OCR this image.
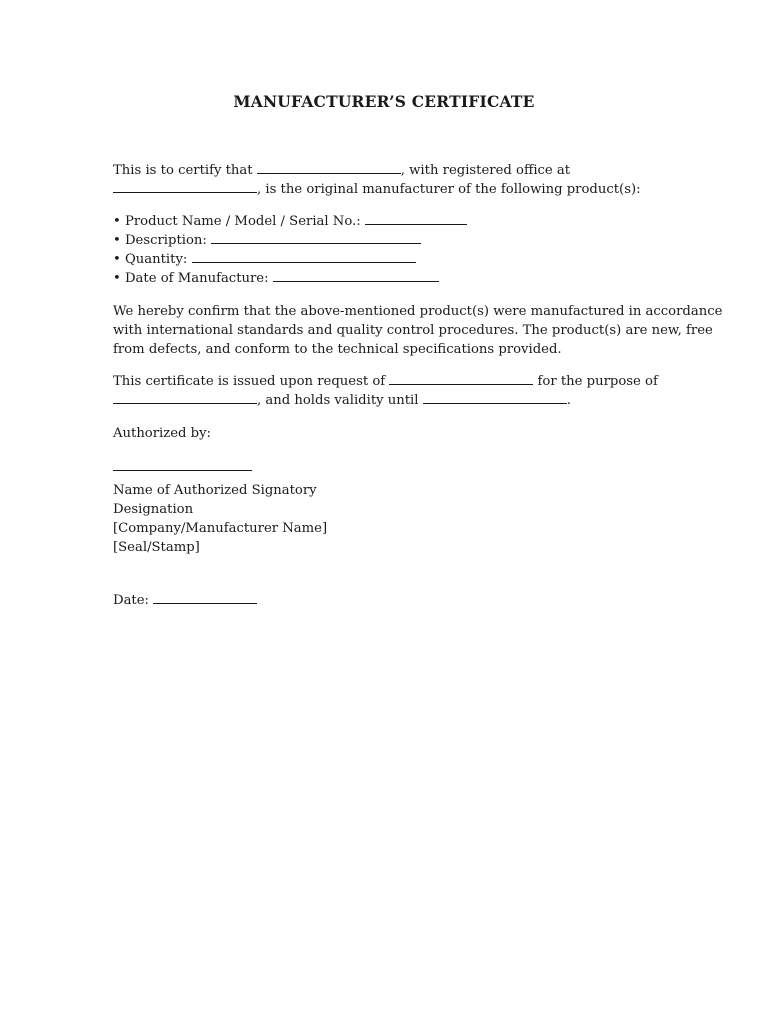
MANUFACTURER’S CERTIFICATE
This is to certify that	, with registered office at
, is the original manufacturer of the following product(s):
• Product Name / Model / Serial No.:
• Description:
• Quantity:
• Date of Manufacture:
We hereby confirm that the above-mentioned product(s) were manufactured in accordance
with international standards and quality control procedures. The product(s) are new, free
from defects, and conform to the technical specifications provided.
This certificate is issued upon request of	for the purpose of
, and holds validity until	.
Authorized by:
Name of Authorized Signatory
Designation
[Company/Manufacturer Name]
[Seal/Stamp]
Date:
